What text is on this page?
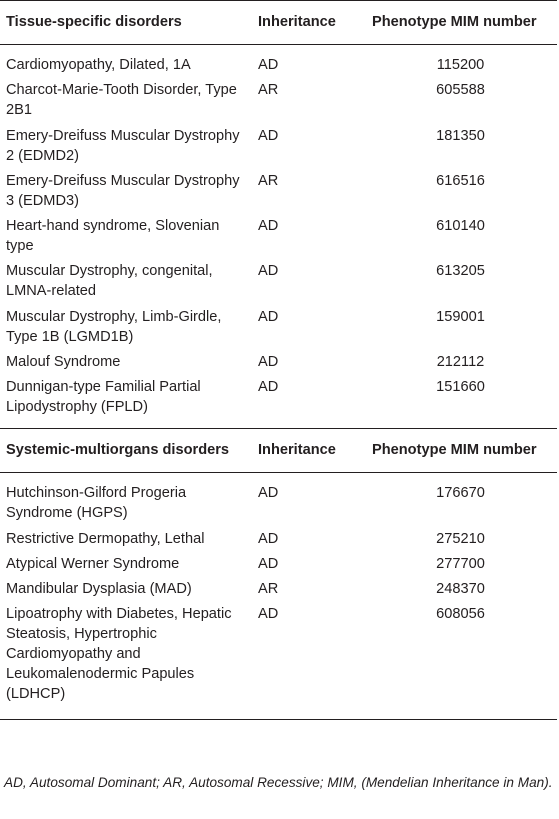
Tissue-specific disorders	Inheritance	Phenotype MIM number
Cardiomyopathy, Dilated, 1A	AD	115200
Charcot-Marie-Tooth Disorder, Type 2B1	AR	605588
Emery-Dreifuss Muscular Dystrophy 2 (EDMD2)	AD	181350
Emery-Dreifuss Muscular Dystrophy 3 (EDMD3)	AR	616516
Heart-hand syndrome, Slovenian type	AD	610140
Muscular Dystrophy, congenital, LMNA-related	AD	613205
Muscular Dystrophy, Limb-Girdle, Type 1B (LGMD1B)	AD	159001
Malouf Syndrome	AD	212112
Dunnigan-type Familial Partial Lipodystrophy (FPLD)	AD	151660
Systemic-multiorgans disorders	Inheritance	Phenotype MIM number
Hutchinson-Gilford Progeria Syndrome (HGPS)	AD	176670
Restrictive Dermopathy, Lethal	AD	275210
Atypical Werner Syndrome	AD	277700
Mandibular Dysplasia (MAD)	AR	248370
Lipoatrophy with Diabetes, Hepatic Steatosis, Hypertrophic Cardiomyopathy and Leukomalenodermic Papules (LDHCP)	AD	608056
AD, Autosomal Dominant; AR, Autosomal Recessive; MIM, (Mendelian Inheritance in Man).
